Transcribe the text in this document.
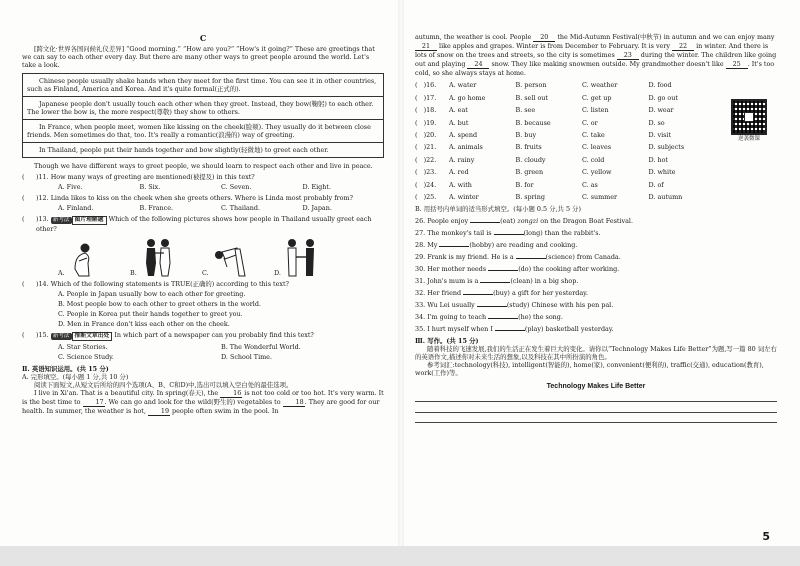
C

[跨文化·世界各国问候礼仪差异] “Good morning.” “How are you?” “How's it going?” These are greetings that we can say to each other every day. But there are many other ways to greet people around the world. Let's take a look.

Chinese people usually shake hands when they meet for the first time. You can see it in other countries, such as Finland, America and Korea. And it's quite formal(正式的).

Japanese people don't usually touch each other when they greet. Instead, they bow(鞠躬) to each other. The lower the bow is, the more respect(尊敬) they show to others.

In France, when people meet, women like kissing on the cheek(脸颊). They usually do it between close friends. Men sometimes do that, too. It's really a romantic(浪漫的) way of greeting.

In Thailand, people put their hands together and bow slightly(轻微地) to greet each other.

Though we have different ways to greet people, we should learn to respect each other and live in peace.

(	)11. How many ways of greeting are mentioned(被提及) in this text?
A. Five.	B. Six.	C. Seven.	D. Eight.
(	)12. Linda likes to kiss on the cheek when she greets others. Where is Linda most probably from?
A. Finland.	B. France.	C. Thailand.	D. Japan.
(	)13. 新考法 图片理解题 Which of the following pictures shows how people in Thailand usually greet each other?
A.	B.	C.	D.
(	)14. Which of the following statements is TRUE(正确的) according to this text?

A. People in Japan usually bow to each other for greeting.

B. Most people bow to each other to greet others in the world.

C. People in Korea put their hands together to greet you.

D. Men in France don't kiss each other on the cheek.

(	)15. 新考法 推断文章出处 In which part of a newspaper can you probably find this text?
A. Star Stories.	B. The Wonderful World.
C. Science Study.	D. School Time.

Ⅱ. 英语知识运用。(共 15 分)

A. 完形填空。(每小题 1 分,共 10 分)

阅读下面短文,从短文后所给的四个选项(A、B、C和D)中,选出可以填入空白处的最佳选项。

I live in Xi'an. That is a beautiful city. In spring(春天), the 16 is not too cold or too hot. It's very warm. It is the best time to 17. We can go and look for the wild(野生的) vegetables to 18. They are good for our health. In summer, the weather is hot, 19 people often swim in the pool. In

autumn, the weather is cool. People 20 the Mid-Autumn Festival(中秋节) in autumn and we can enjoy many 21 like apples and grapes. Winter is from December to February. It is very 22 in winter. And there is lots of snow on the trees and streets, so the city is sometimes 23 during the winter. The children like going out and playing 24 snow. They like making snowmen outside. My grandmother doesn't like 25 . It's too cold, so she always stays at home.

( )16.	A. water	B. person	C. weather	D. food
( )17.	A. go home	B. sell out	C. get up	D. go out
( )18.	A. eat	B. see	C. listen	D. wear
( )19.	A. but	B. because	C. or	D. so
( )20.	A. spend	B. buy	C. take	D. visit
( )21.	A. animals	B. fruits	C. leaves	D. subjects
( )22.	A. rainy	B. cloudy	C. cold	D. hot
( )23.	A. red	B. green	C. yellow	D. white
( )24.	A. with	B. for	C. as	D. of
( )25.	A. winter	B. spring	C. summer	D. autumn
逆袭微课

B. 用括号内单词的适当形式填空。(每小题 0.5 分,共 5 分)

26. People enjoy	(eat) zongzi on the Dragon Boat Festival.

27. The monkey's tail is	(long) than the rabbit's.

28. My	(hobby) are reading and cooking.

29. Frank is my friend. He is a	(science) from Canada.

30. Her mother needs	(do) the cooking after working.

31. John's mum is a	(clean) in a big shop.

32. Her friend	(buy) a gift for her yesterday.

33. Wu Lei usually	(study) Chinese with his pen pal.

34. I'm going to teach	(he) the song.

35. I hurt myself when I	(play) basketball yesterday.

Ⅲ. 写作。(共 15 分)

随着科技的飞速发展,我们的生活正在发生着巨大的变化。请你以“Technology Makes Life Better”为题,写一篇 80 词左右的英语作文,描述你对未来生活的想象,以及科技在其中所扮演的角色。

参考词汇:technology(科技), intelligent(智能的), home(家), convenient(便利的), traffic(交通), education(教育), work(工作)等。

Technology Makes Life Better

5
